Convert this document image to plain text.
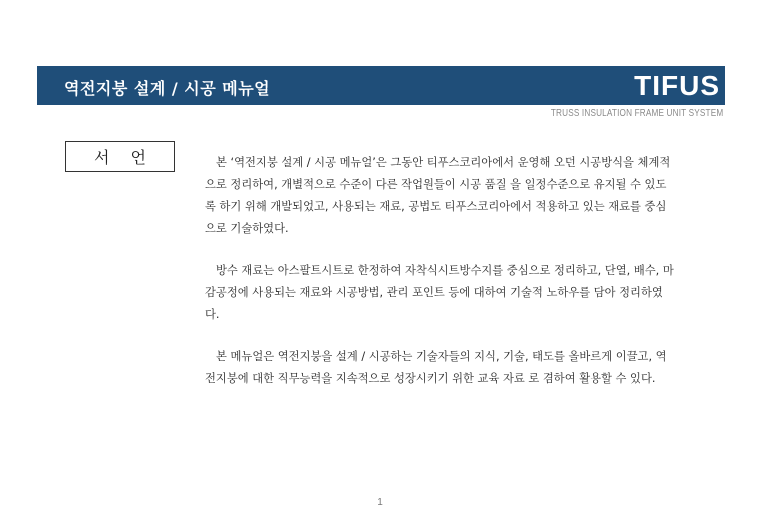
역전지붕 설계 / 시공 메뉴얼	TIFUS
TRUSS INSULATION FRAME UNIT SYSTEM
서 언	본 ‘역전지붕 설계 / 시공 메뉴얼’은 그동안 티푸스코리아에서 운영해 오던 시공방식을 체계적으로 정리하여, 개별적으로 수준이 다른 작업원들이 시공 품질 을 일정수준으로 유지될 수 있도록 하기 위해 개발되었고, 사용되는 재료, 공법도 티푸스코리아에서 적용하고 있는 재료를 중심으로 기술하였다.

방수 재료는 아스팔트시트로 한정하여 자착식시트방수지를 중심으로 정리하고, 단열, 배수, 마감공정에 사용되는 재료와 시공방법, 관리 포인트 등에 대하여 기술적 노하우를 담아 정리하였다.

본 메뉴얼은 역전지붕을 설계 / 시공하는 기술자들의 지식, 기술, 태도를 올바르게 이끌고, 역전지붕에 대한 직무능력을 지속적으로 성장시키기 위한 교육 자료 로 겸하여 활용할 수 있다.

1
